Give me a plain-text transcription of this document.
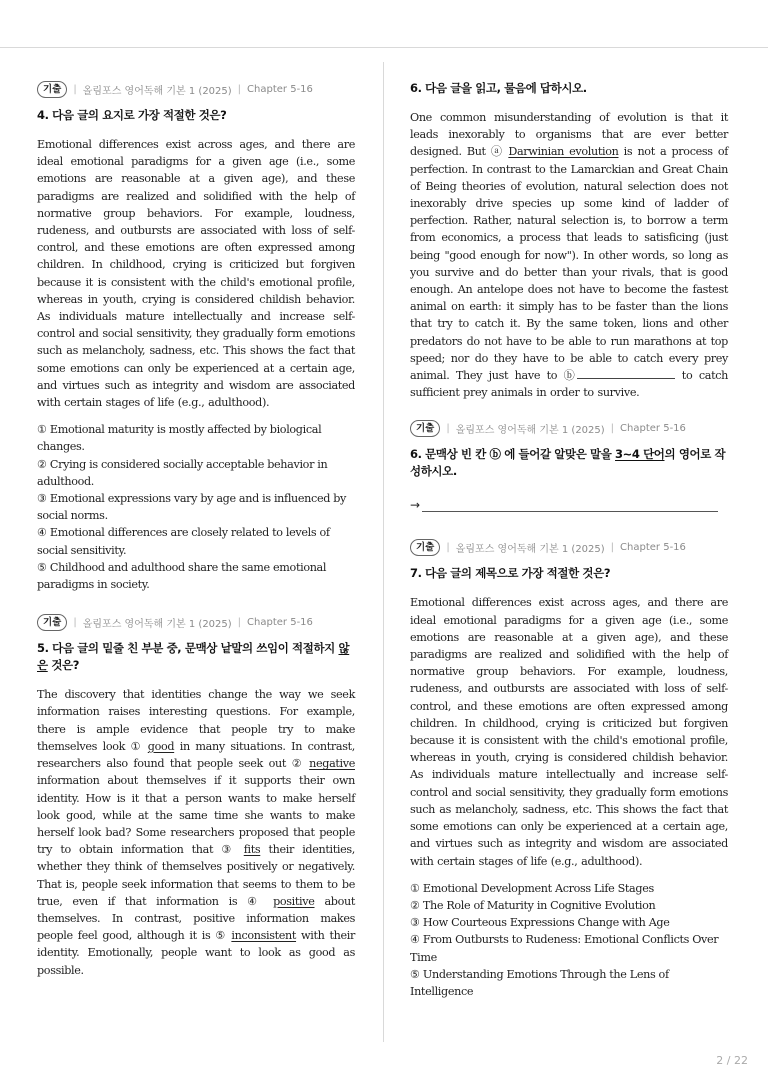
기출	| 올림포스 영어독해 기본 1 (2025) | Chapter 5-16
4. 다음 글의 요지로 가장 적절한 것은?
Emotional differences exist across ages, and there are ideal emotional paradigms for a given age (i.e., some emotions are reasonable at a given age), and these paradigms are realized and solidified with the help of normative group behaviors. For example, loudness, rudeness, and outbursts are associated with loss of self-control, and these emotions are often expressed among children. In childhood, crying is criticized but forgiven because it is consistent with the child's emotional profile, whereas in youth, crying is considered childish behavior. As individuals mature intellectually and increase self-control and social sensitivity, they gradually form emotions such as melancholy, sadness, etc. This shows the fact that some emotions can only be experienced at a certain age, and virtues such as integrity and wisdom are associated with certain stages of life (e.g., adulthood).
① Emotional maturity is mostly affected by biological changes.
② Crying is considered socially acceptable behavior in adulthood.
③ Emotional expressions vary by age and is influenced by social norms.
④ Emotional differences are closely related to levels of social sensitivity.
⑤ Childhood and adulthood share the same emotional paradigms in society.
기출	| 올림포스 영어독해 기본 1 (2025) | Chapter 5-16
5. 다음 글의 밑줄 친 부분 중, 문맥상 낱말의 쓰임이 적절하지 않은 것은?
The discovery that identities change the way we seek information raises interesting questions. For example, there is ample evidence that people try to make themselves look ① good in many situations. In contrast, researchers also found that people seek out ② negative information about themselves if it supports their own identity. How is it that a person wants to make herself look good, while at the same time she wants to make herself look bad? Some researchers proposed that people try to obtain information that ③ fits their identities, whether they think of themselves positively or negatively. That is, people seek information that seems to them to be true, even if that information is ④ positive about themselves. In contrast, positive information makes people feel good, although it is ⑤ inconsistent with their identity. Emotionally, people want to look as good as possible.
6. 다음 글을 읽고, 물음에 답하시오.
One common misunderstanding of evolution is that it leads inexorably to organisms that are ever better designed. But ⓐ Darwinian evolution is not a process of perfection. In contrast to the Lamarckian and Great Chain of Being theories of evolution, natural selection does not inexorably drive species up some kind of ladder of perfection. Rather, natural selection is, to borrow a term from economics, a process that leads to satisficing (just being "good enough for now"). In other words, so long as you survive and do better than your rivals, that is good enough. An antelope does not have to become the fastest animal on earth: it simply has to be faster than the lions that try to catch it. By the same token, lions and other predators do not have to be able to run marathons at top speed; nor do they have to be able to catch every prey animal. They just have to ⓑ	to catch sufficient prey animals in order to survive.
기출	| 올림포스 영어독해 기본 1 (2025) | Chapter 5-16
6. 문맥상 빈 칸 ⓑ 에 들어갈 알맞은 말을 3~4 단어의 영어로 작성하시오.
→
기출	| 올림포스 영어독해 기본 1 (2025) | Chapter 5-16
7. 다음 글의 제목으로 가장 적절한 것은?
Emotional differences exist across ages, and there are ideal emotional paradigms for a given age (i.e., some emotions are reasonable at a given age), and these paradigms are realized and solidified with the help of normative group behaviors. For example, loudness, rudeness, and outbursts are associated with loss of self-control, and these emotions are often expressed among children. In childhood, crying is criticized but forgiven because it is consistent with the child's emotional profile, whereas in youth, crying is considered childish behavior. As individuals mature intellectually and increase self-control and social sensitivity, they gradually form emotions such as melancholy, sadness, etc. This shows the fact that some emotions can only be experienced at a certain age, and virtues such as integrity and wisdom are associated with certain stages of life (e.g., adulthood).
① Emotional Development Across Life Stages
② The Role of Maturity in Cognitive Evolution
③ How Courteous Expressions Change with Age
④ From Outbursts to Rudeness: Emotional Conflicts Over Time
⑤ Understanding Emotions Through the Lens of Intelligence
2 / 22
